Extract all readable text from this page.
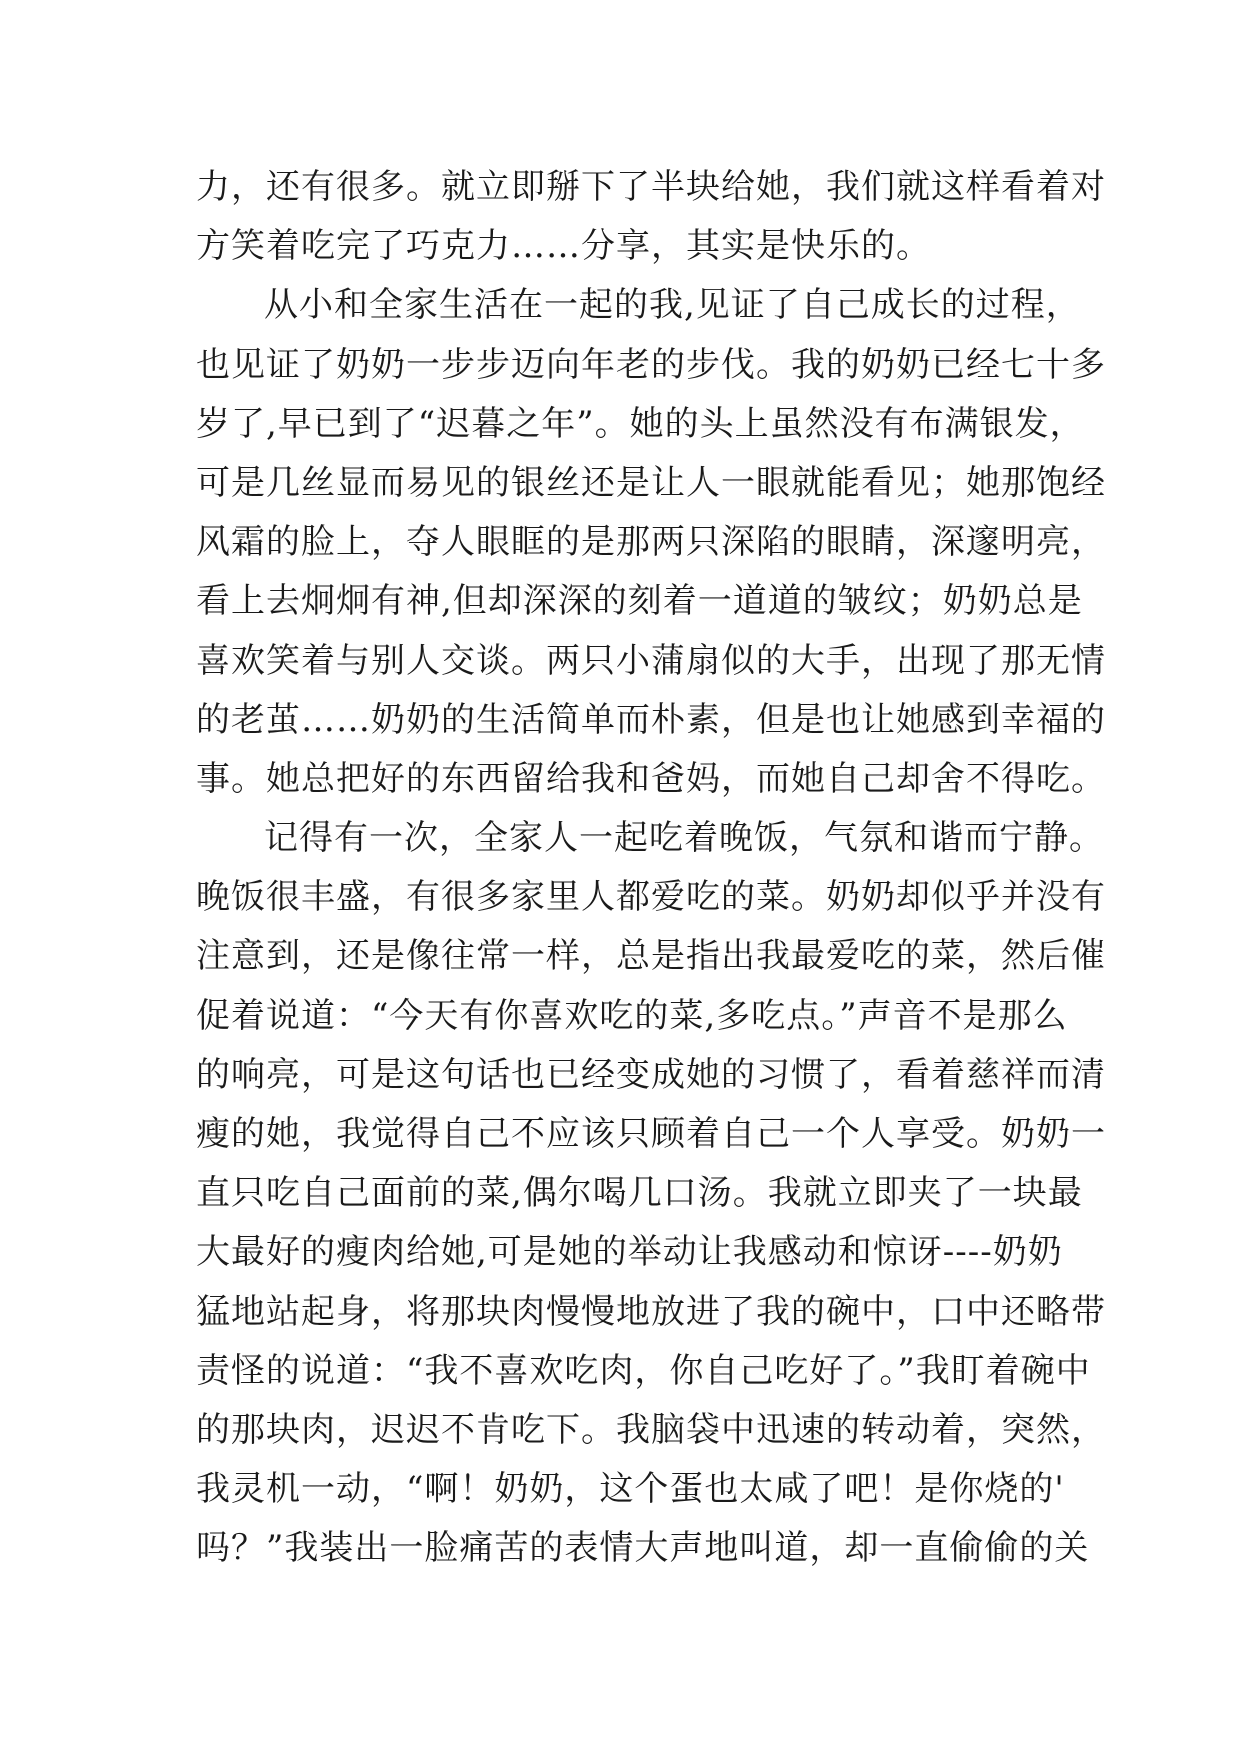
力，还有很多。就立即掰下了半块给她，我们就这样看着对
方笑着吃完了巧克力……分享，其实是快乐的。
从小和全家生活在一起的我,见证了自己成长的过程，
也见证了奶奶一步步迈向年老的步伐。我的奶奶已经七十多
岁了,早已到了“迟暮之年”。她的头上虽然没有布满银发，
可是几丝显而易见的银丝还是让人一眼就能看见；她那饱经
风霜的脸上，夺人眼眶的是那两只深陷的眼睛，深邃明亮，
看上去炯炯有神,但却深深的刻着一道道的皱纹；奶奶总是
喜欢笑着与别人交谈。两只小蒲扇似的大手，出现了那无情
的老茧……奶奶的生活简单而朴素，但是也让她感到幸福的
事。她总把好的东西留给我和爸妈，而她自己却舍不得吃。
记得有一次，全家人一起吃着晚饭，气氛和谐而宁静。
晚饭很丰盛，有很多家里人都爱吃的菜。奶奶却似乎并没有
注意到，还是像往常一样，总是指出我最爱吃的菜，然后催
促着说道：“今天有你喜欢吃的菜,多吃点。”声音不是那么
的响亮，可是这句话也已经变成她的习惯了，看着慈祥而清
瘦的她，我觉得自己不应该只顾着自己一个人享受。奶奶一
直只吃自己面前的菜,偶尔喝几口汤。我就立即夹了一块最
大最好的瘦肉给她,可是她的举动让我感动和惊讶----奶奶
猛地站起身，将那块肉慢慢地放进了我的碗中，口中还略带
责怪的说道：“我不喜欢吃肉，你自己吃好了。”我盯着碗中
的那块肉，迟迟不肯吃下。我脑袋中迅速的转动着，突然，
我灵机一动，“啊！奶奶，这个蛋也太咸了吧！是你烧的'
吗？”我装出一脸痛苦的表情大声地叫道，却一直偷偷的关
